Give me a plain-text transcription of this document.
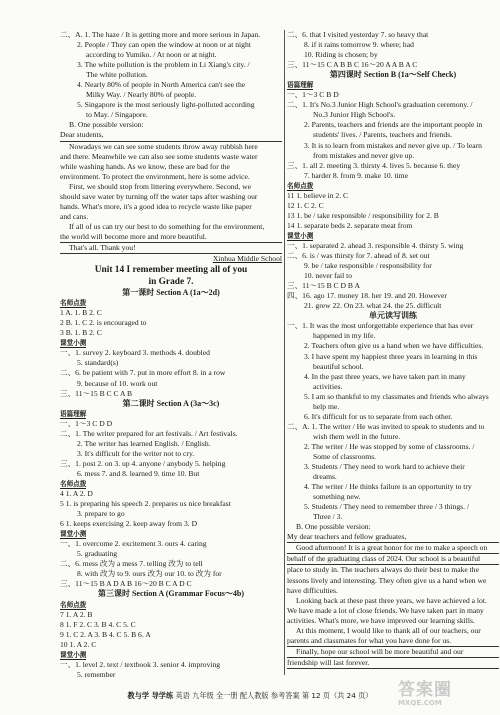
二、A. 1. The haze / It is getting more and more serious in Japan.
2. People / They can open the window at noon or at night
according to Yumiko. / At noon or at night.
3. The white pollution is the problem in Li Xiang's city. /
The white pollution.
4. Nearly 80% of people in North America can't see the
Milky Way. / Nearly 80% of people.
5. Singapore is the most seriously light-polluted according
to May. / Singapore.
B. One possible version:
Dear students,
Nowadays we can see some students throw away rubbish here
and there. Meanwhile we can also see some students waste water
while washing hands. As we know, these are bad for the
environment. To protect the environment, here is some advice.
First, we should stop from littering everywhere. Second, we
should save water by turning off the water taps after washing our
hands. What's more, it's a good idea to recycle waste like paper
and cans.
If all of us can try our best to do something for the environment,
the world will become more and more beautiful.
That's all. Thank you!
Xinhua Middle School
Unit 14 I remember meeting all of you
in Grade 7.
第一课时 Section A (1a～2d)
名师点拨
1 A. 1. B 2. C
2 B. 1. C 2. is encouraged to
3 B. 1. B 2. C
课堂小测
一、1. survey 2. keyboard 3. methods 4. doubled
5. standard(s)
二、6. be patient with 7. put in more effort 8. in a row
9. because of 10. work out
三、11～15 B C C A B
第二课时 Section A (3a～3c)
语篇理解
一、1～3 C D D
二、1. The writer prepared for art festivals. / Art festivals.
2. The writer has learned English. / English.
3. It's difficult for the writer not to cry.
三、1. post 2. on 3. up 4. anyone / anybody 5. helping
6. mess 7. and 8. learned 9. time 10. But
名师点拨
4 1. A 2. D
5 1. is preparing his speech 2. prepares us nice breakfast
3. prepare to go
6 1. keeps exercising 2. keep away from 3. D
课堂小测
一、1. overcome 2. excitement 3. ours 4. caring
5. graduating
二、6. mess 改为 a mess 7. telling 改为 to tell
8. with 改为 to 9. ours 改为 our 10. to 改为 for
三、11～15 B A D A B 16～20 B C A D C
第三课时 Section A (Grammar Focus～4b)
名师点拨
7 1. A 2. B
8 1. F 2. C 3. B 4. C 5. C
9 1. C 2. A 3. B 4. C 5. B 6. A
10 1. A 2. C
课堂小测
一、1. level 2. text / textbook 3. senior 4. improving
5. remember
二、6. that I visited yesterday 7. so heavy that
8. if it rains tomorrow 9. where; had
10. Riding is chosen; by
三、11～15 C A B B C 16～20 A A B A C
第四课时 Section B (1a～Self Check)
语篇理解
一、1～3 C B D
二、1. It's No.3 Junior High School's graduation ceremony. /
No.3 Junior High School's.
2. Parents, teachers and friends are the important people in
students' lives. / Parents, teachers and friends.
3. It is to learn from mistakes and never give up. / To learn
from mistakes and never give up.
三、1. all 2. meeting 3. thirsty 4. lives 5. because 6. they
7. harder 8. from 9. make 10. time
名师点拨
11 1. believe in 2. C
12 1. C 2. C
13 1. be / take responsible / responsibility for 2. B
14 1. separate beds 2. separate meat from
课堂小测
一、1. separated 2. ahead 3. responsible 4. thirsty 5. wing
二、6. is / was thirsty for 7. ahead of 8. set out
9. be / take responsible / responsibility for
10. never fail to
三、11～15 B C D B A
四、16. ago 17. money 18. her 19. and 20. However
21. grew 22. On 23. what 24. the 25. difficult
单元读写训练
一、1. It was the most unforgettable experience that has ever
happened in my life.
2. Teachers often give us a hand when we have difficulties.
3. I have spent my happiest three years in learning in this
beautiful school.
4. In the past three years, we have taken part in many
activities.
5. I am so thankful to my classmates and friends who always
help me.
6. It's difficult for us to separate from each other.
二、A. 1. The writer / He was invited to speak to students and to
wish them well in the future.
2. The writer / He was stopped by some of classrooms. /
Some of classrooms.
3. Students / They need to work hard to achieve their
dreams.
4. The writer / He thinks failure is an opportunity to try
something new.
5. Students / They need to remember three / 3 things. /
Three / 3.
B. One possible version:
My dear teachers and fellow graduates,
Good afternoon! It is a great honor for me to make a speech on
behalf of the graduating class of 2024. Our school is a beautiful
place to study in. The teachers always do their best to make the
lessons lively and interesting. They often give us a hand when we
have difficulties.
Looking back at these past three years, we have achieved a lot.
We have made a lot of close friends. We have taken part in many
activities. What's more, we have improved our learning skills.
At this moment, I would like to thank all of our teachers, our
parents and classmates for what you have done for us.
Finally, hope our school will be more beautiful and our
friendship will last forever.
教与学 导学练 英语 九年级 全一册 配人教版 参考答案 第 12 页（共 24 页）	答案圈
MXQE.COM
